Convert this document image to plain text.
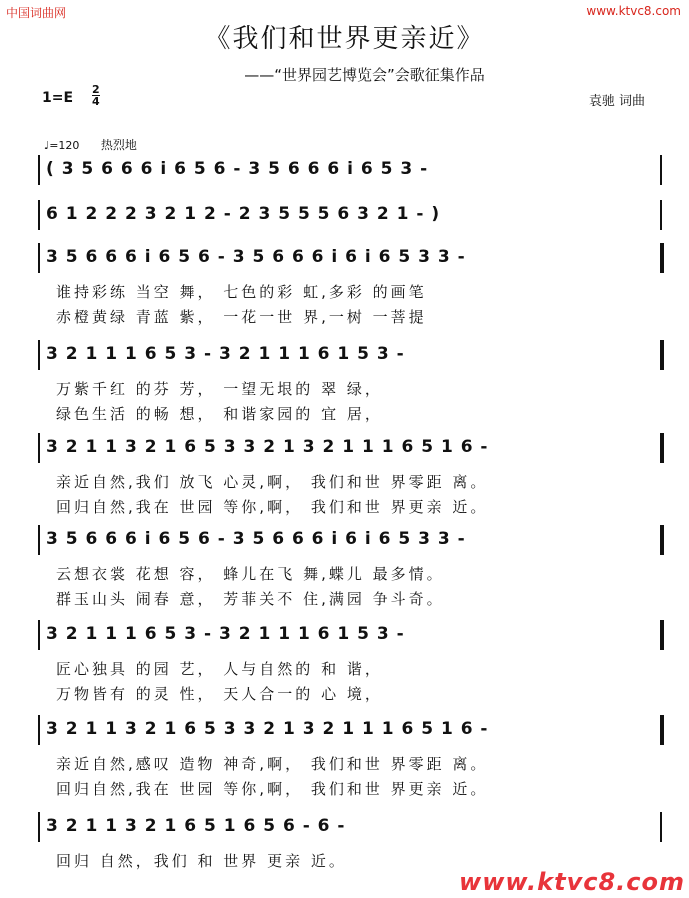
中国词曲网	www.ktvc8.com
《我们和世界更亲近》
——“世界园艺博览会”会歌征集作品
1=E
2
4	袁驰 词曲
♩=120 热烈地
( 3 5 6 6 6 i 6 5 6 - 3 5 6 6 6 i 6 5 3 -
6 1 2 2 2 3 2 1 2 - 2 3 5 5 5 6 3 2 1 - )
3 5 6 6 6 i 6 5 6 - 3 5 6 6 6 i 6 i 6 5 3 3 -
谁持彩练 当空 舞， 七色的彩 虹,多彩 的画笔
赤橙黄绿 青蓝 紫， 一花一世 界,一树 一菩提
3 2 1 1 1 6 5 3 - 3 2 1 1 1 6 1 5 3 -
万紫千红 的芬 芳， 一望无垠的 翠 绿，
绿色生活 的畅 想， 和谐家园的 宜 居，
3 2 1 1 3 2 1 6 5 3 3 2 1 3 2 1 1 1 6 5 1 6 -
亲近自然,我们 放飞 心灵,啊， 我们和世 界零距 离。
回归自然,我在 世园 等你,啊， 我们和世 界更亲 近。
3 5 6 6 6 i 6 5 6 - 3 5 6 6 6 i 6 i 6 5 3 3 -
云想衣裳 花想 容， 蜂儿在飞 舞,蝶儿 最多情。
群玉山头 闹春 意， 芳菲关不 住,满园 争斗奇。
3 2 1 1 1 6 5 3 - 3 2 1 1 1 6 1 5 3 -
匠心独具 的园 艺， 人与自然的 和 谐，
万物皆有 的灵 性， 天人合一的 心 境，
3 2 1 1 3 2 1 6 5 3 3 2 1 3 2 1 1 1 6 5 1 6 -
亲近自然,感叹 造物 神奇,啊， 我们和世 界零距 离。
回归自然,我在 世园 等你,啊， 我们和世 界更亲 近。
3 2 1 1 3 2 1 6 5 1 6 5 6 - 6 -
回归 自然，我们 和 世界 更亲 近。
www.ktvc8.com
